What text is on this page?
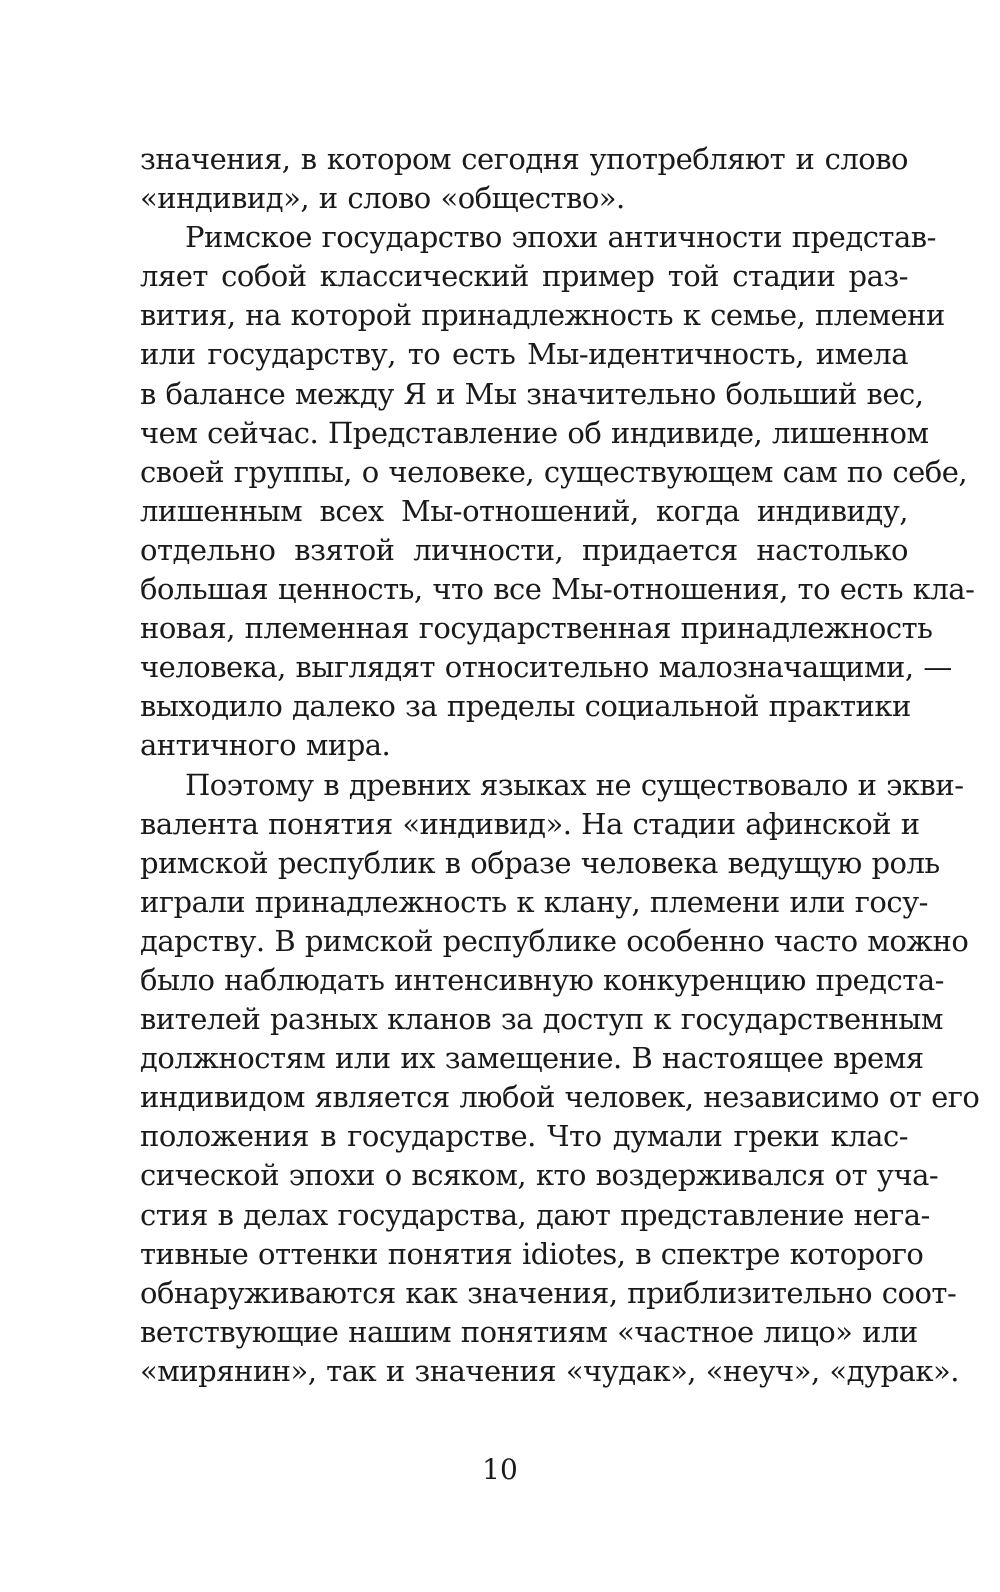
значения, в котором сегодня употребляют и слово
«индивид», и слово «общество».
Римское государство эпохи античности представ-
ляет собой классический пример той стадии раз-
вития, на которой принадлежность к семье, племени
или государству, то есть Мы-идентичность, имела
в балансе между Я и Мы значительно больший вес,
чем сейчас. Представление об индивиде, лишенном
своей группы, о человеке, существующем сам по себе,
лишенным всех Мы-отношений, когда индивиду,
отдельно взятой личности, придается настолько
большая ценность, что все Мы-отношения, то есть кла-
новая, племенная государственная принадлежность
человека, выглядят относительно малозначащими, —
выходило далеко за пределы социальной практики
античного мира.
Поэтому в древних языках не существовало и экви-
валента понятия «индивид». На стадии афинской и
римской республик в образе человека ведущую роль
играли принадлежность к клану, племени или госу-
дарству. В римской республике особенно часто можно
было наблюдать интенсивную конкуренцию предста-
вителей разных кланов за доступ к государственным
должностям или их замещение. В настоящее время
индивидом является любой человек, независимо от его
положения в государстве. Что думали греки клас-
сической эпохи о всяком, кто воздерживался от уча-
стия в делах государства, дают представление нега-
тивные оттенки понятия idiotes, в спектре которого
обнаруживаются как значения, приблизительно соот-
ветствующие нашим понятиям «частное лицо» или
«мирянин», так и значения «чудак», «неуч», «дурак».
10
